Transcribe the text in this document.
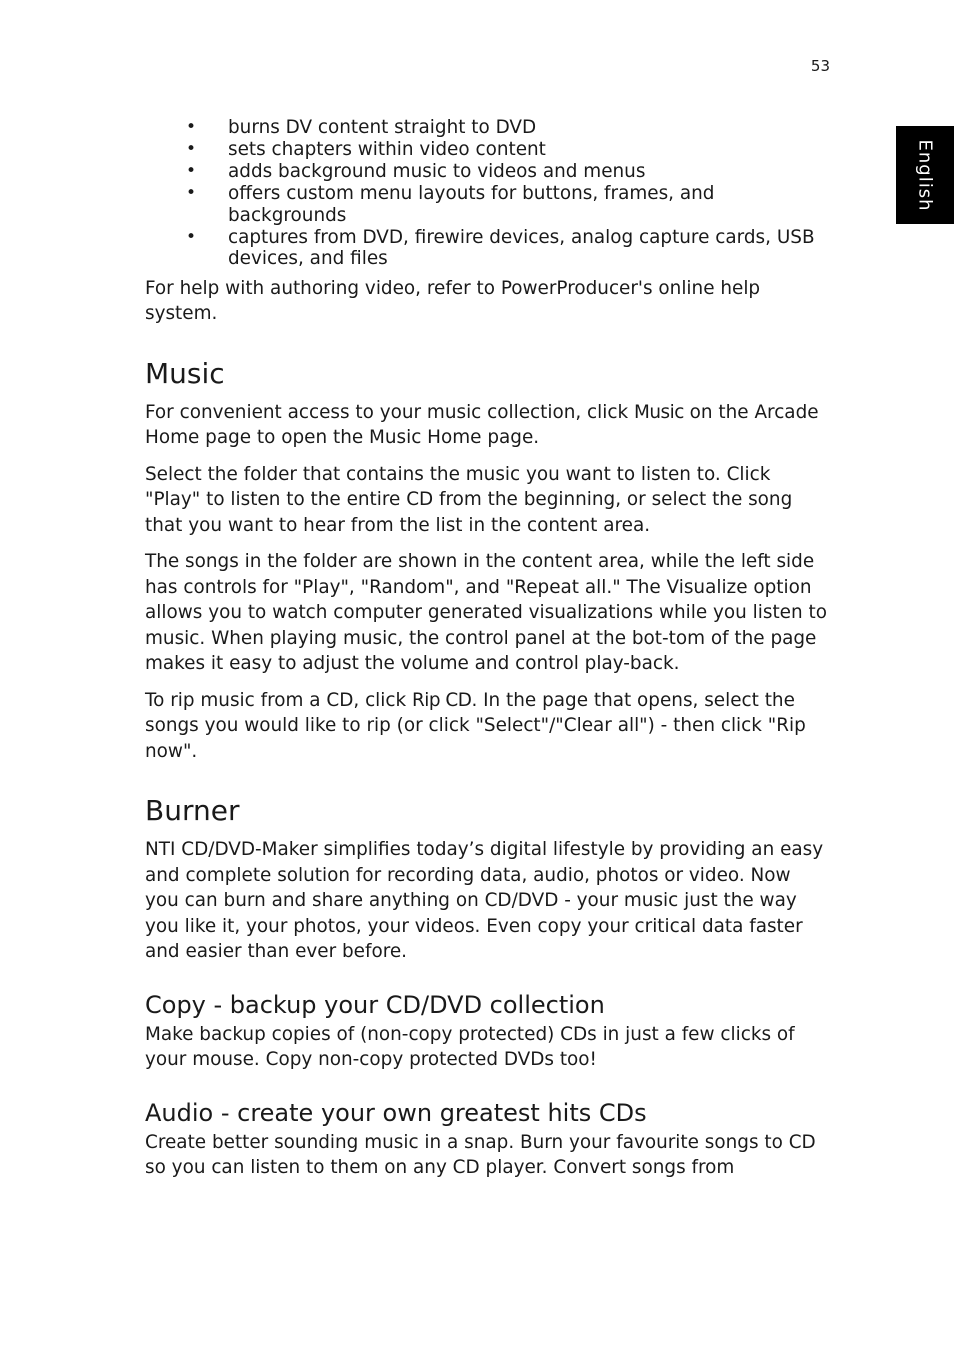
53
English
• burns DV content straight to DVD
• sets chapters within video content
• adds background music to videos and menus
• offers custom menu layouts for buttons, frames, and backgrounds
• captures from DVD, firewire devices, analog capture cards, USB devices, and files

For help with authoring video, refer to PowerProducer's online help system.

Music

For convenient access to your music collection, click Music on the Arcade Home page to open the Music Home page.

Select the folder that contains the music you want to listen to. Click "Play" to listen to the entire CD from the beginning, or select the song that you want to hear from the list in the content area.

The songs in the folder are shown in the content area, while the left side has controls for "Play", "Random", and "Repeat all." The Visualize option allows you to watch computer generated visualizations while you listen to music. When playing music, the control panel at the bot-tom of the page makes it easy to adjust the volume and control play-back.

To rip music from a CD, click Rip CD. In the page that opens, select the songs you would like to rip (or click "Select"/"Clear all") - then click "Rip now".

Burner

NTI CD/DVD-Maker simplifies today’s digital lifestyle by providing an easy and complete solution for recording data, audio, photos or video. Now you can burn and share anything on CD/DVD - your music just the way you like it, your photos, your videos. Even copy your critical data faster and easier than ever before.

Copy - backup your CD/DVD collection

Make backup copies of (non-copy protected) CDs in just a few clicks of your mouse. Copy non-copy protected DVDs too!

Audio - create your own greatest hits CDs

Create better sounding music in a snap. Burn your favourite songs to CD so you can listen to them on any CD player. Convert songs from
